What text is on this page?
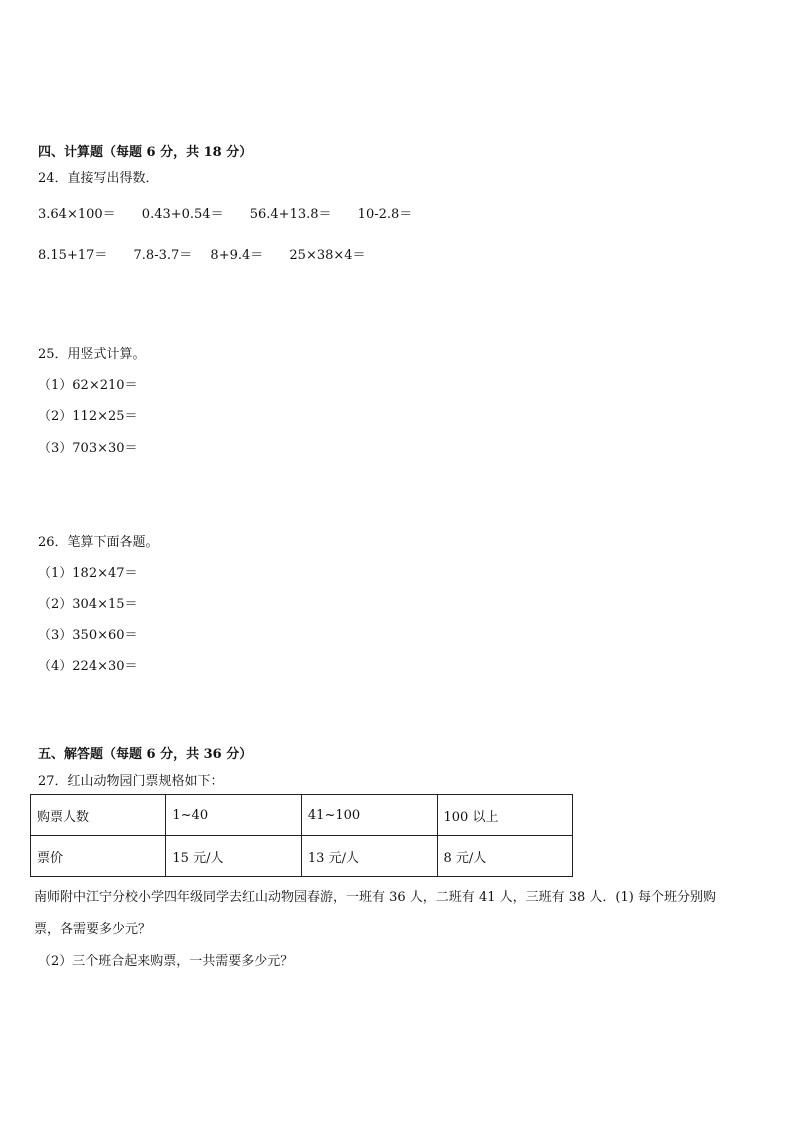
四、计算题（每题 6 分，共 18 分）
24．直接写出得数．
3.64×100＝ 0.43+0.54＝ 56.4+13.8＝ 10-2.8＝
8.15+17＝ 7.8-3.7＝ 8+9.4＝ 25×38×4＝
25．用竖式计算。
（1）62×210＝
（2）112×25＝
（3）703×30＝
26．笔算下面各题。
（1）182×47＝
（2）304×15＝
（3）350×60＝
（4）224×30＝
五、解答题（每题 6 分，共 36 分）
27．红山动物园门票规格如下：
购票人数	1~40	41~100	100 以上
票价	15 元/人	13 元/人	8 元/人
南师附中江宁分校小学四年级同学去红山动物园春游，一班有 36 人，二班有 41 人，三班有 38 人．(1) 每个班分别购
票，各需要多少元？
（2）三个班合起来购票，一共需要多少元？
